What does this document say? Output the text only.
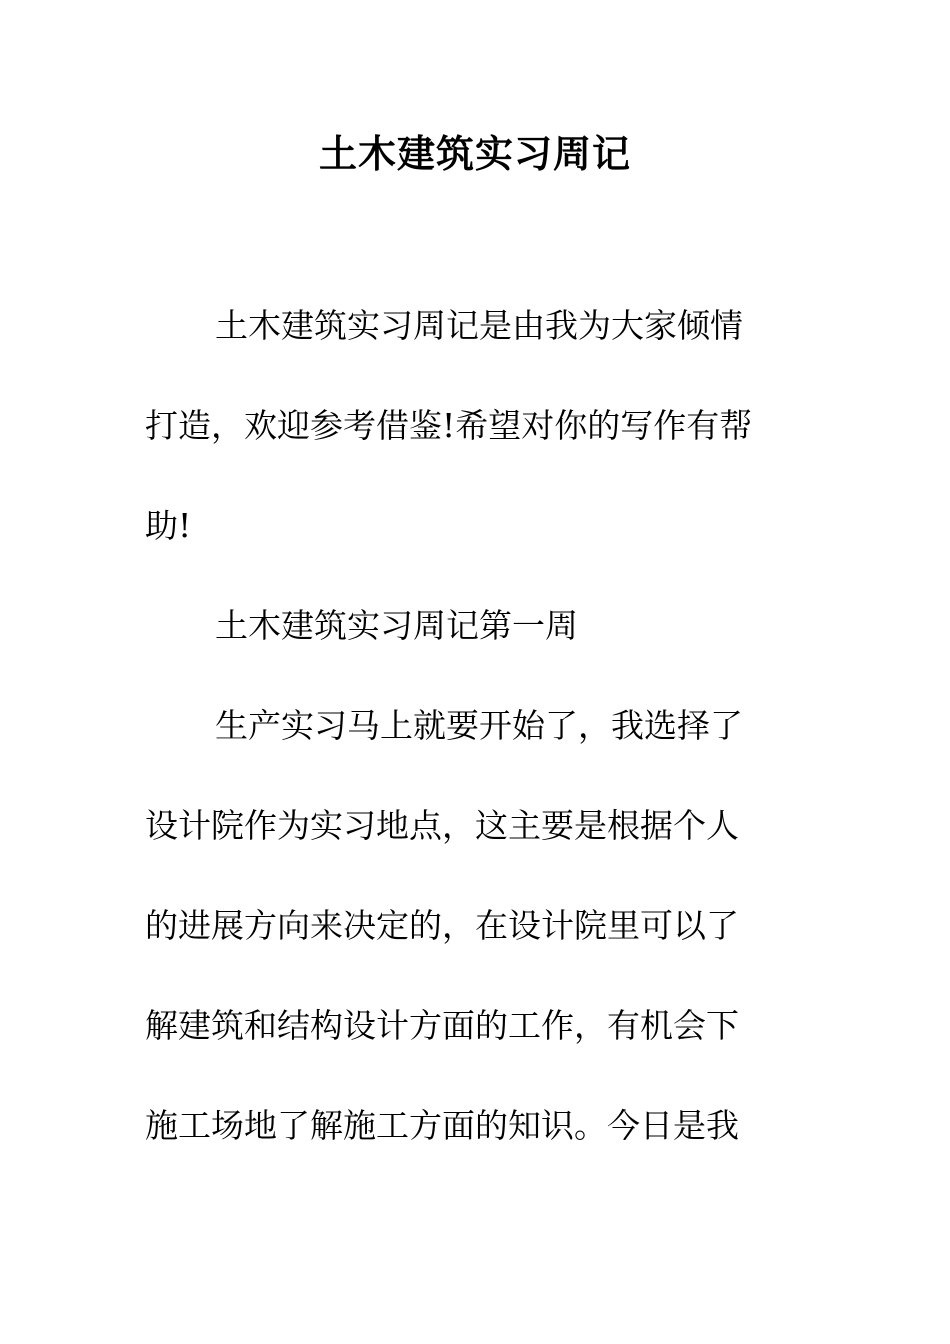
土木建筑实习周记

土木建筑实习周记是由我为大家倾情

打造，欢迎参考借鉴!希望对你的写作有帮

助!

土木建筑实习周记第一周

生产实习马上就要开始了，我选择了

设计院作为实习地点，这主要是根据个人

的进展方向来决定的，在设计院里可以了

解建筑和结构设计方面的工作，有机会下

施工场地了解施工方面的知识。今日是我
